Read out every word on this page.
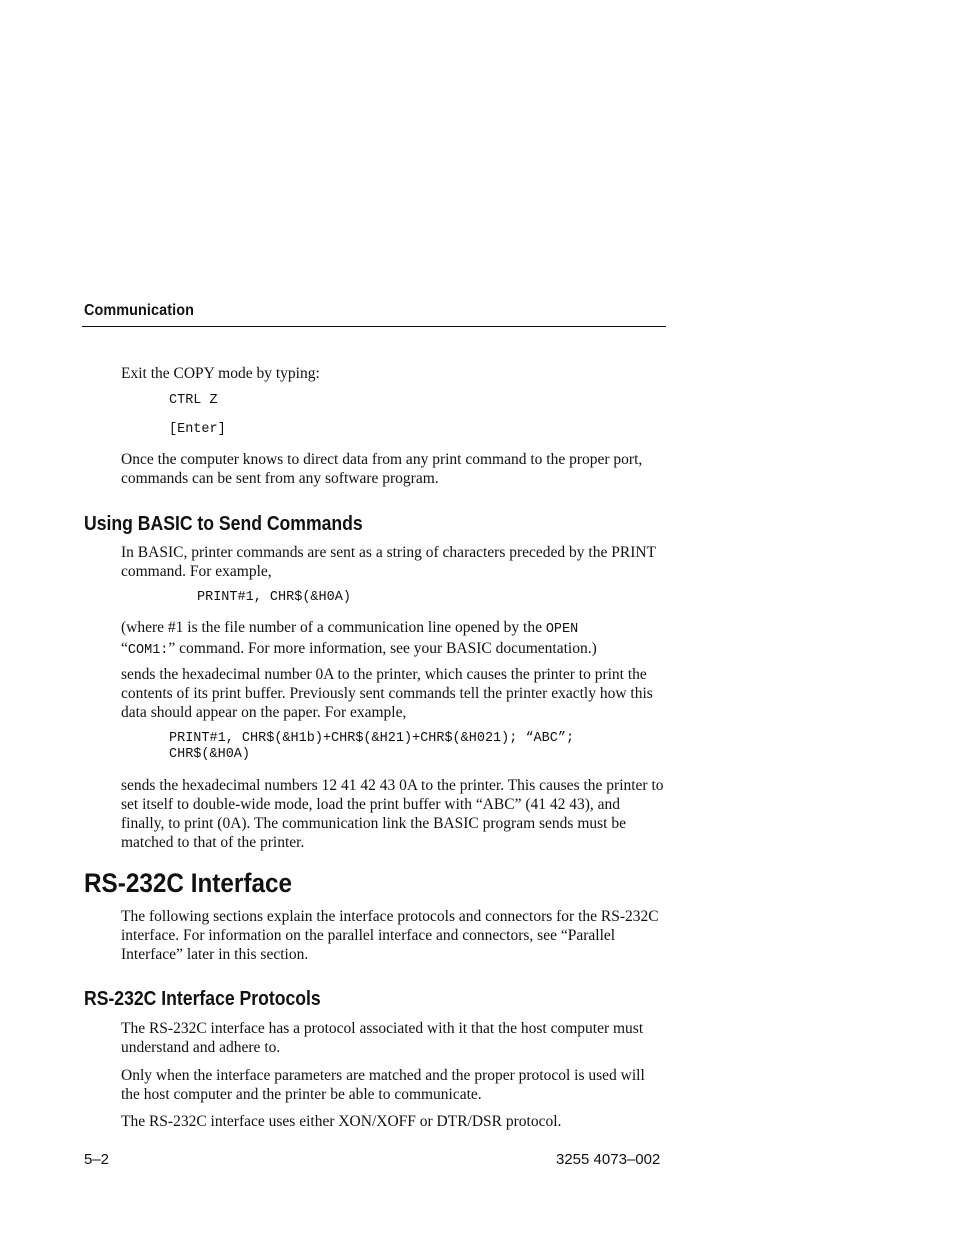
Communication
Exit the COPY mode by typing:
CTRL Z
[Enter]
Once the computer knows to direct data from any print command to the proper port, commands can be sent from any software program.
Using BASIC to Send Commands
In BASIC, printer commands are sent as a string of characters preceded by the PRINT command. For example,
PRINT#1, CHR$(&H0A)
(where #1 is the file number of a communication line opened by the OPEN
“COM1:” command. For more information, see your BASIC documentation.)
sends the hexadecimal number 0A to the printer, which causes the printer to print the contents of its print buffer. Previously sent commands tell the printer exactly how this data should appear on the paper. For example,
PRINT#1, CHR$(&H1b)+CHR$(&H21)+CHR$(&H021); “ABC”;
CHR$(&H0A)
sends the hexadecimal numbers 12 41 42 43 0A to the printer. This causes the printer to set itself to double-wide mode, load the print buffer with “ABC” (41 42 43), and finally, to print (0A). The communication link the BASIC program sends must be matched to that of the printer.
RS-232C Interface
The following sections explain the interface protocols and connectors for the RS-232C interface. For information on the parallel interface and connectors, see “Parallel Interface” later in this section.
RS-232C Interface Protocols
The RS-232C interface has a protocol associated with it that the host computer must understand and adhere to.
Only when the interface parameters are matched and the proper protocol is used will the host computer and the printer be able to communicate.
The RS-232C interface uses either XON/XOFF or DTR/DSR protocol.
5–2	3255 4073–002
